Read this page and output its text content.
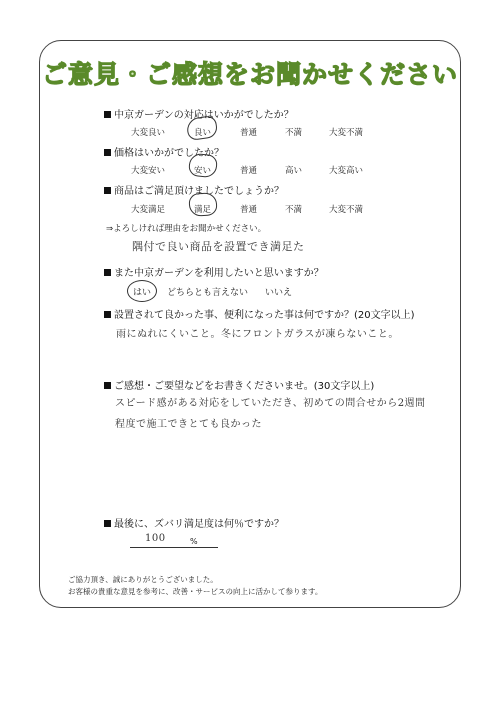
ご意見・ご感想をお聞かせください
中京ガーデンの対応はいかがでしたか？
大変良い	良い	普通	不満	大変不満
価格はいかがでしたか？
大変安い	安い	普通	高い	大変高い
商品はご満足頂けましたでしょうか？
大変満足	満足	普通	不満	大変不満
⇒よろしければ理由をお聞かせください。
隅付で良い商品を設置でき満足た
また中京ガーデンを利用したいと思いますか？
はい どちらとも言えない いいえ
設置されて良かった事、便利になった事は何ですか？(20文字以上)
雨にぬれにくいこと。冬にフロントガラスが凍らないこと。
ご感想・ご要望などをお書きくださいませ。(30文字以上)
スピード感がある対応をしていただき、初めての問合せから2週間
程度で施工できとても良かった
最後に、ズバリ満足度は何％ですか？
100	%
ご協力頂き、誠にありがとうございました。
お客様の貴重な意見を参考に、改善・サービスの向上に活かして参ります。
